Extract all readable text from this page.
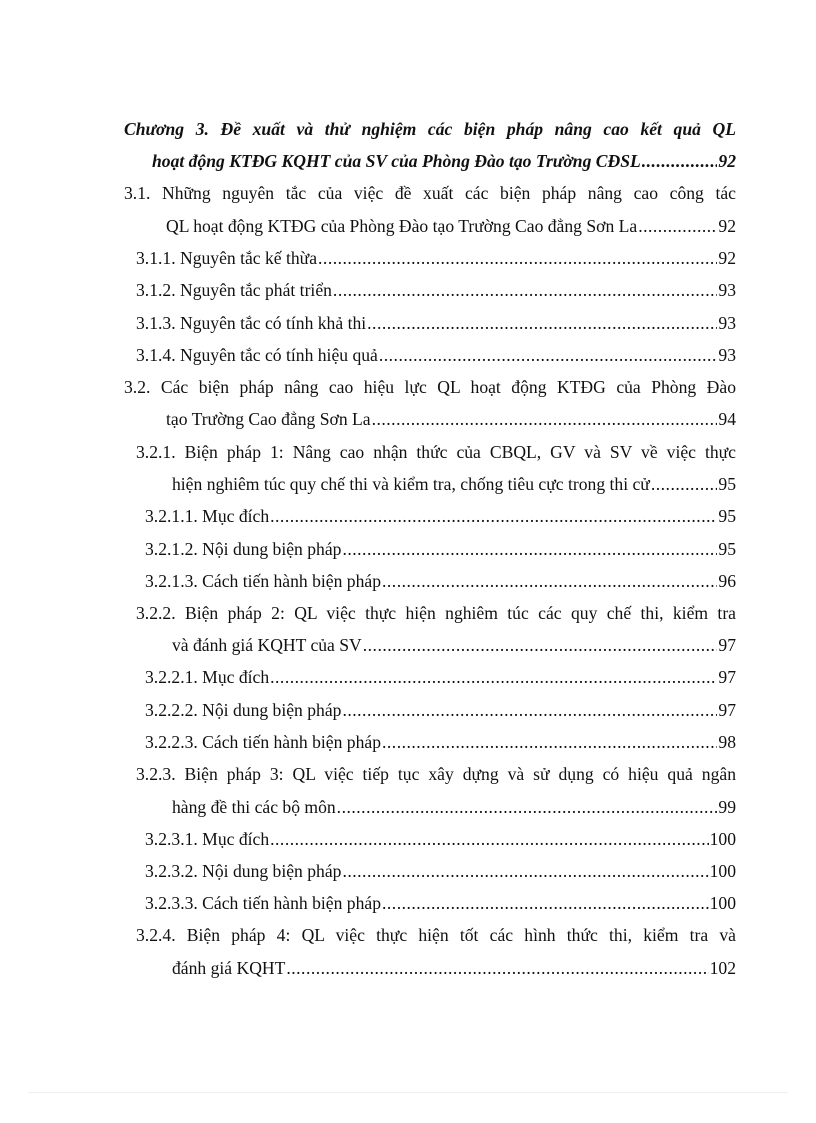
Chương 3. Đề xuất và thử nghiệm các biện pháp nâng cao kết quả QL
hoạt động KTĐG KQHT của SV của Phòng Đào tạo Trường CĐSL .....	92
3.1. Những nguyên tắc của việc đề xuất các biện pháp nâng cao công tác
QL hoạt động KTĐG của Phòng Đào tạo Trường Cao đẳng Sơn La .....	92
3.1.1. Nguyên tắc kế thừa .....	92
3.1.2. Nguyên tắc phát triển .....	93
3.1.3. Nguyên tắc có tính khả thi .....	93
3.1.4. Nguyên tắc có tính hiệu quả .....	93
3.2. Các biện pháp nâng cao hiệu lực QL hoạt động KTĐG của Phòng Đào
tạo Trường Cao đẳng Sơn La .....	94
3.2.1. Biện pháp 1: Nâng cao nhận thức của CBQL, GV và SV về việc thực
hiện nghiêm túc quy chế thi và kiểm tra, chống tiêu cực trong thi cử .....	95
3.2.1.1. Mục đích .....	95
3.2.1.2. Nội dung biện pháp .....	95
3.2.1.3. Cách tiến hành biện pháp .....	96
3.2.2. Biện pháp 2: QL việc thực hiện nghiêm túc các quy chế thi, kiểm tra
và đánh giá KQHT của SV .....	97
3.2.2.1. Mục đích .....	97
3.2.2.2. Nội dung biện pháp .....	97
3.2.2.3. Cách tiến hành biện pháp .....	98
3.2.3. Biện pháp 3: QL việc tiếp tục xây dựng và sử dụng có hiệu quả ngân
hàng đề thi các bộ môn .....	99
3.2.3.1. Mục đích .....	100
3.2.3.2. Nội dung biện pháp .....	100
3.2.3.3. Cách tiến hành biện pháp .....	100
3.2.4. Biện pháp 4: QL việc thực hiện tốt các hình thức thi, kiểm tra và
đánh giá KQHT .....	102
